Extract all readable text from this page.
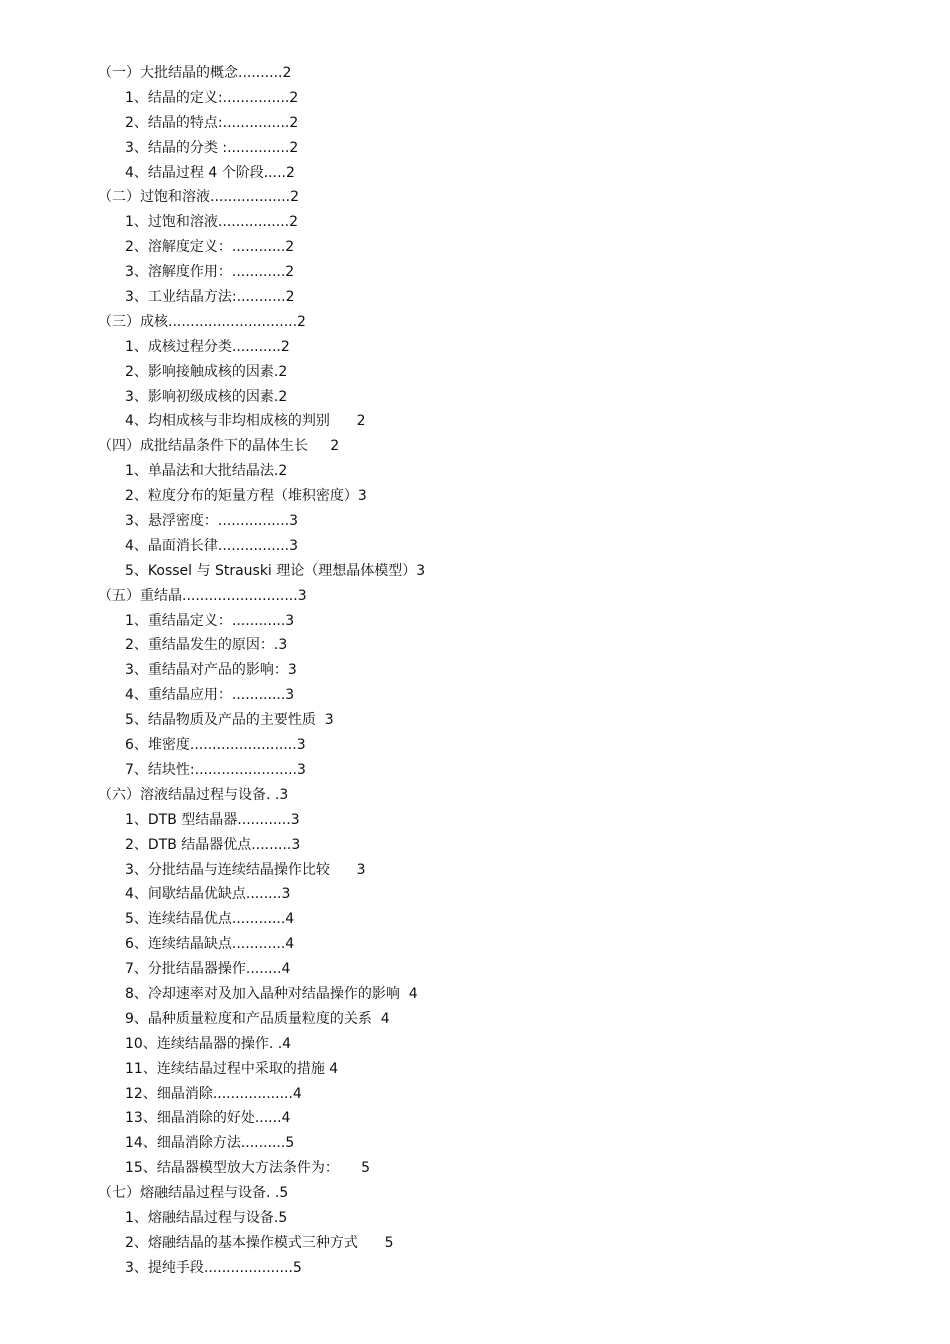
（一）大批结晶的概念..........2
1、结晶的定义:...............2
2、结晶的特点:...............2
3、结晶的分类 :..............2
4、结晶过程 4 个阶段.....2
（二）过饱和溶液..................2
1、过饱和溶液................2
2、溶解度定义：............2
3、溶解度作用：............2
3、工业结晶方法:...........2
（三）成核.............................2
1、成核过程分类...........2
2、影响接触成核的因素.2
3、影响初级成核的因素.2
4、均相成核与非均相成核的判别      2
（四）成批结晶条件下的晶体生长     2
1、单晶法和大批结晶法.2
2、粒度分布的矩量方程（堆积密度）3
3、悬浮密度：................3
4、晶面消长律................3
5、Kossel 与 Strauski 理论（理想晶体模型）3
（五）重结晶..........................3
1、重结晶定义：............3
2、重结晶发生的原因：.3
3、重结晶对产品的影响：3
4、重结晶应用：............3
5、结晶物质及产品的主要性质  3
6、堆密度........................3
7、结块性:.......................3
（六）溶液结晶过程与设备. .3
1、DTB 型结晶器............3
2、DTB 结晶器优点.........3
3、分批结晶与连续结晶操作比较      3
4、间歇结晶优缺点........3
5、连续结晶优点............4
6、连续结晶缺点............4
7、分批结晶器操作........4
8、冷却速率对及加入晶种对结晶操作的影响  4
9、晶种质量粒度和产品质量粒度的关系  4
10、连续结晶器的操作. .4
11、连续结晶过程中采取的措施 4
12、细晶消除..................4
13、细晶消除的好处......4
14、细晶消除方法..........5
15、结晶器模型放大方法条件为：     5
（七）熔融结晶过程与设备. .5
1、熔融结晶过程与设备.5
2、熔融结晶的基本操作模式三种方式      5
3、提纯手段....................5
